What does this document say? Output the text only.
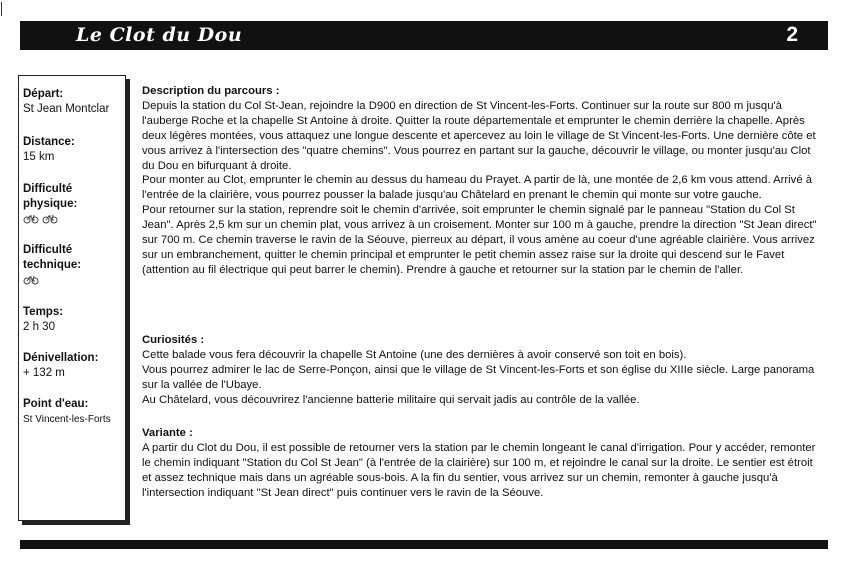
Le Clot du Dou	2
Départ:
St Jean Montclar
Distance:
15 km
Difficulté
physique:
Difficulté
technique:
Temps:
2 h 30
Dénivellation:
+ 132 m
Point d'eau:
St Vincent-les-Forts
Description du parcours :

Depuis la station du Col St-Jean, rejoindre la D900 en direction de St Vincent-les-Forts. Continuer sur la route sur 800 m jusqu'à l'auberge Roche et la chapelle St Antoine à droite. Quitter la route départementale et emprunter le chemin derrière la chapelle. Après deux légères montées, vous attaquez une longue descente et apercevez au loin le village de St Vincent-les-Forts. Une dernière côte et vous arrivez à l'intersection des "quatre chemins". Vous pourrez en partant sur la gauche, découvrir le village, ou monter jusqu'au Clot du Dou en bifurquant à droite.

Pour monter au Clot, emprunter le chemin au dessus du hameau du Prayet. A partir de là, une montée de 2,6 km vous attend. Arrivé à l'entrée de la clairière, vous pourrez pousser la balade jusqu'au Châtelard en prenant le chemin qui monte sur votre gauche.

Pour retourner sur la station, reprendre soit le chemin d'arrivée, soit emprunter le chemin signalé par le panneau "Station du Col St Jean". Après 2,5 km sur un chemin plat, vous arrivez à un croisement. Monter sur 100 m à gauche, prendre la direction "St Jean direct" sur 700 m. Ce chemin traverse le ravin de la Séouve, pierreux au départ, il vous amène au coeur d'une agréable clairière. Vous arrivez sur un embranchement, quitter le chemin principal et emprunter le petit chemin assez raise sur la droite qui descend sur le Favet (attention au fil électrique qui peut barrer le chemin). Prendre à gauche et retourner sur la station par le chemin de l'aller.

Curiosités :

Cette balade vous fera découvrir la chapelle St Antoine (une des dernières à avoir conservé son toit en bois).

Vous pourrez admirer le lac de Serre-Ponçon, ainsi que le village de St Vincent-les-Forts et son église du XIIIe siècle. Large panorama sur la vallée de l'Ubaye.

Au Châtelard, vous découvrirez l'ancienne batterie militaire qui servait jadis au contrôle de la vallée.

Variante :

A partir du Clot du Dou, il est possible de retourner vers la station par le chemin longeant le canal d'irrigation. Pour y accéder, remonter le chemin indiquant "Station du Col St Jean" (à l'entrée de la clairière) sur 100 m, et rejoindre le canal sur la droite. Le sentier est étroit et assez technique mais dans un agréable sous-bois. A la fin du sentier, vous arrivez sur un chemin, remonter à gauche jusqu'à l'intersection indiquant "St Jean direct" puis continuer vers le ravin de la Séouve.
